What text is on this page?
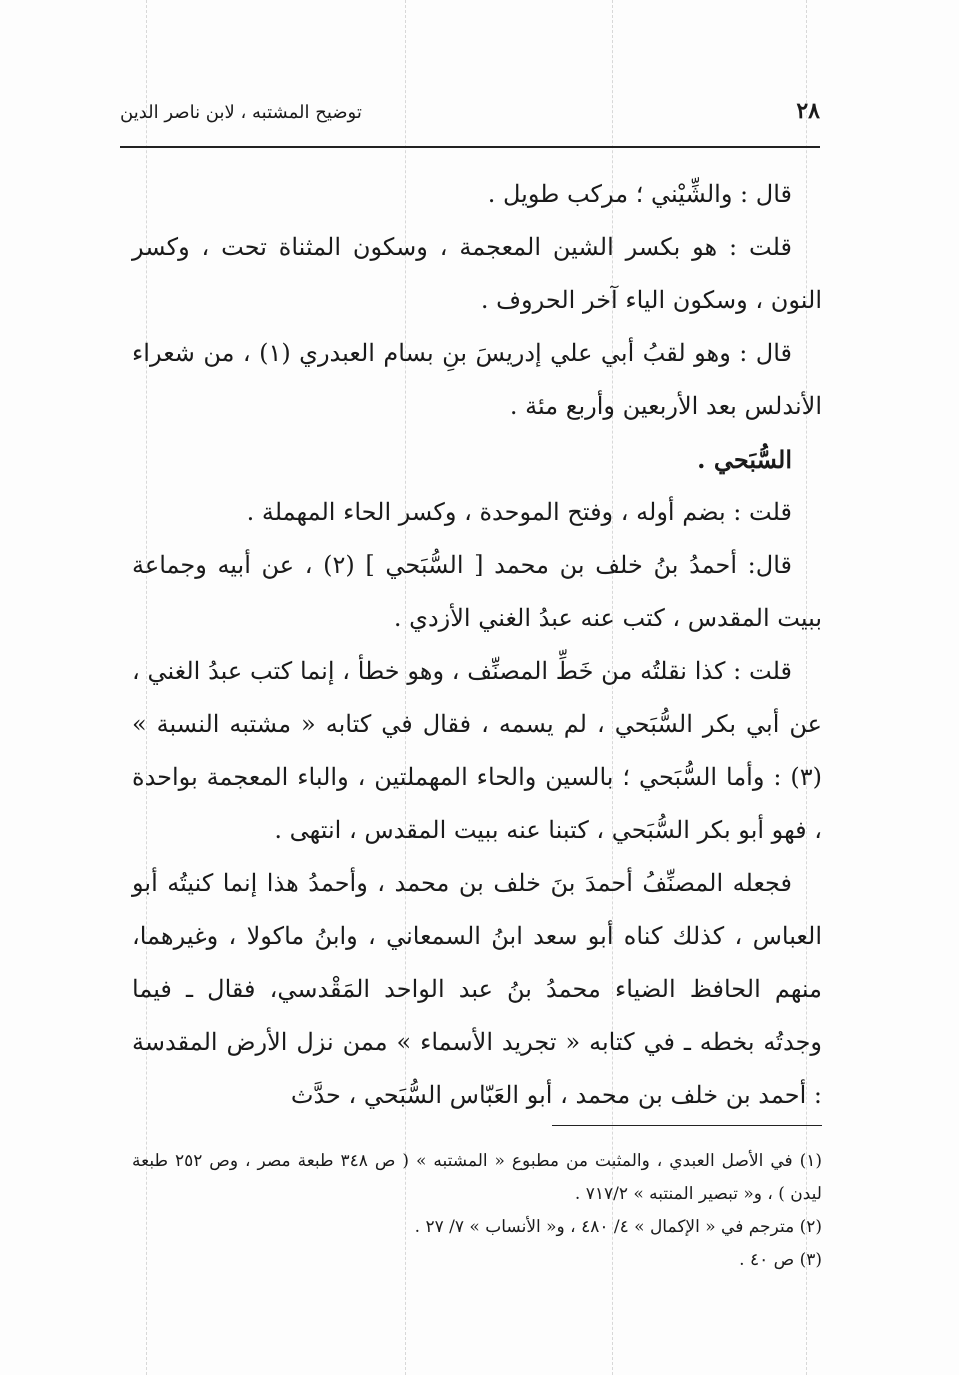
٢٨
توضيح المشتبه ، لابن ناصر الدين

قال : والشِّيْني ؛ مركب طويل .

قلت : هو بكسر الشين المعجمة ، وسكون المثناة تحت ، وكسر النون ، وسكون الياء آخر الحروف .

قال : وهو لقبُ أبي علي إدريسَ بنِ بسام العبدري (١) ، من شعراء الأندلس بعد الأربعين وأربع مئة .

السُّبَحي .

قلت : بضم أوله ، وفتح الموحدة ، وكسر الحاء المهملة .

قال: أحمدُ بنُ خلف بن محمد [ السُّبَحي ] (٢) ، عن أبيه وجماعة ببيت المقدس ، كتب عنه عبدُ الغني الأزدي .

قلت : كذا نقلتُه من خَطِّ المصنِّف ، وهو خطأ ، إنما كتب عبدُ الغني ، عن أبي بكر السُّبَحي ، لم يسمه ، فقال في كتابه « مشتبه النسبة » (٣) : وأما السُّبَحي ؛ بالسين والحاء المهملتين ، والباء المعجمة بواحدة ، فهو أبو بكر السُّبَحي ، كتبنا عنه ببيت المقدس ، انتهى .

فجعله المصنِّفُ أحمدَ بنَ خلف بن محمد ، وأحمدُ هذا إنما كنيتُه أبو العباس ، كذلك كناه أبو سعد ابنُ السمعاني ، وابنُ ماكولا ، وغيرهما، منهم الحافظ الضياء محمدُ بنُ عبد الواحد المَقْدسي، فقال ـ فيما وجدتُه بخطه ـ في كتابه « تجريد الأسماء » ممن نزل الأرض المقدسة : أحمد بن خلف بن محمد ، أبو العَبّاس السُّبَحي ، حدَّث

(١) في الأصل العبدي ، والمثبت من مطبوع « المشتبه » ( ص ٣٤٨ طبعة مصر ، وص ٢٥٢ طبعة ليدن ) ، و« تبصير المنتبه » ٧١٧/٢ .

(٢) مترجم في « الإكمال » ٤/ ٤٨٠ ، و« الأنساب » ٧/ ٢٧ .

(٣) ص ٤٠ .
